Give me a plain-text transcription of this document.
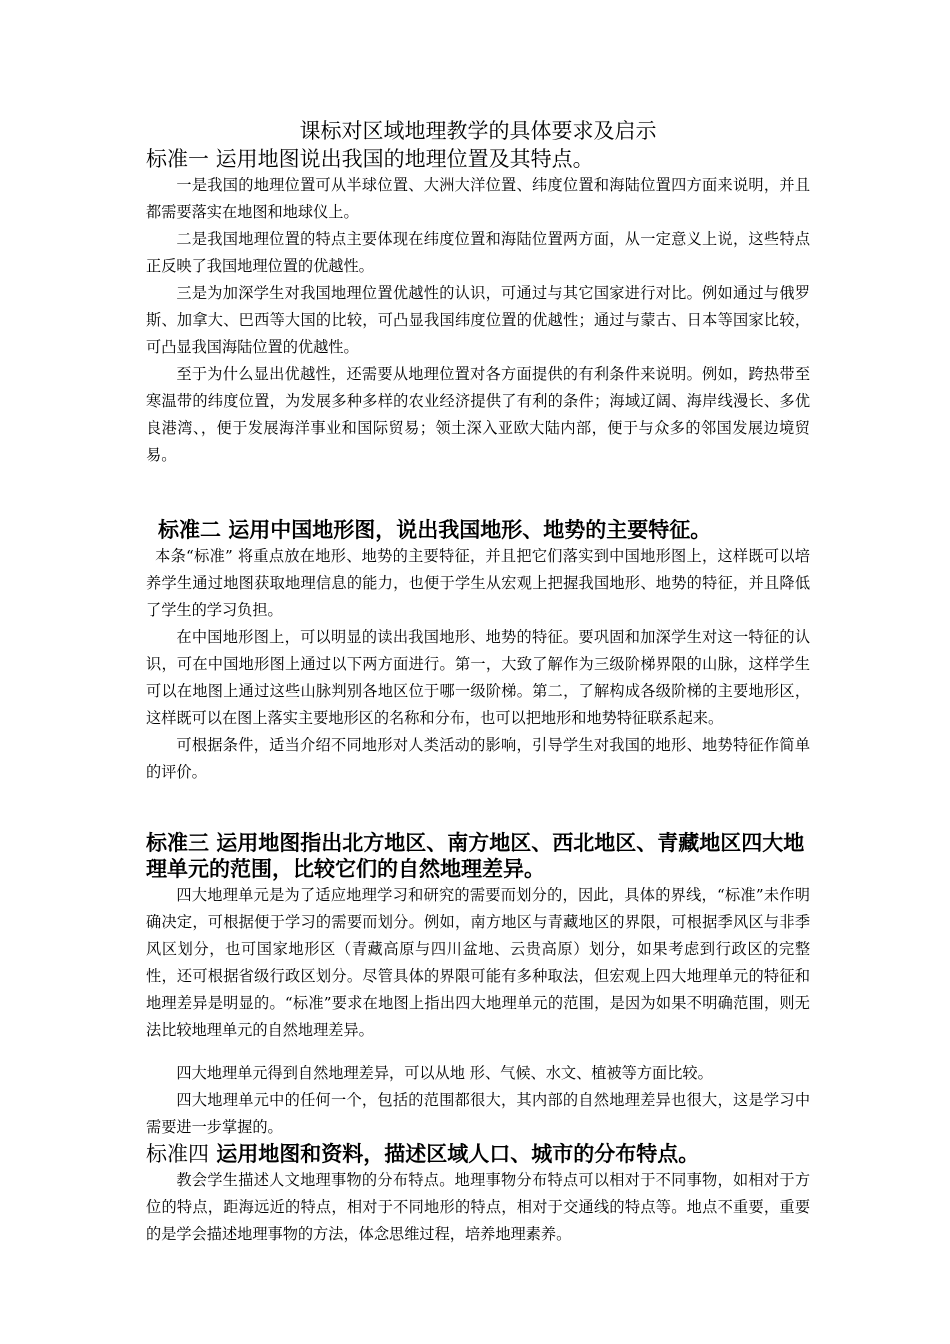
课标对区域地理教学的具体要求及启示
标准一 运用地图说出我国的地理位置及其特点。

一是我国的地理位置可从半球位置、大洲大洋位置、纬度位置和海陆位置四方面来说明，并且都需要落实在地图和地球仪上。

二是我国地理位置的特点主要体现在纬度位置和海陆位置两方面，从一定意义上说，这些特点正反映了我国地理位置的优越性。

三是为加深学生对我国地理位置优越性的认识，可通过与其它国家进行对比。例如通过与俄罗斯、加拿大、巴西等大国的比较，可凸显我国纬度位置的优越性；通过与蒙古、日本等国家比较，可凸显我国海陆位置的优越性。

至于为什么显出优越性，还需要从地理位置对各方面提供的有利条件来说明。例如，跨热带至寒温带的纬度位置，为发展多种多样的农业经济提供了有利的条件；海域辽阔、海岸线漫长、多优良港湾、，便于发展海洋事业和国际贸易；领土深入亚欧大陆内部，便于与众多的邻国发展边境贸易。

标准二 运用中国地形图，说出我国地形、地势的主要特征。

本条“标准” 将重点放在地形、地势的主要特征，并且把它们落实到中国地形图上，这样既可以培养学生通过地图获取地理信息的能力，也便于学生从宏观上把握我国地形、地势的特征，并且降低了学生的学习负担。

在中国地形图上，可以明显的读出我国地形、地势的特征。要巩固和加深学生对这一特征的认识，可在中国地形图上通过以下两方面进行。第一，大致了解作为三级阶梯界限的山脉，这样学生可以在地图上通过这些山脉判别各地区位于哪一级阶梯。第二，了解构成各级阶梯的主要地形区，这样既可以在图上落实主要地形区的名称和分布，也可以把地形和地势特征联系起来。

可根据条件，适当介绍不同地形对人类活动的影响，引导学生对我国的地形、地势特征作简单的评价。

标准三 运用地图指出北方地区、南方地区、西北地区、青藏地区四大地理单元的范围，比较它们的自然地理差异。

四大地理单元是为了适应地理学习和研究的需要而划分的，因此，具体的界线，“标准”未作明确决定，可根据便于学习的需要而划分。例如，南方地区与青藏地区的界限，可根据季风区与非季风区划分，也可国家地形区（青藏高原与四川盆地、云贵高原）划分，如果考虑到行政区的完整性，还可根据省级行政区划分。尽管具体的界限可能有多种取法，但宏观上四大地理单元的特征和地理差异是明显的。“标准”要求在地图上指出四大地理单元的范围，是因为如果不明确范围，则无法比较地理单元的自然地理差异。

四大地理单元得到自然地理差异，可以从地 形、气候、水文、植被等方面比较。

四大地理单元中的任何一个，包括的范围都很大，其内部的自然地理差异也很大，这是学习中需要进一步掌握的。

标准四 运用地图和资料，描述区域人口、城市的分布特点。

教会学生描述人文地理事物的分布特点。地理事物分布特点可以相对于不同事物，如相对于方位的特点，距海远近的特点，相对于不同地形的特点，相对于交通线的特点等。地点不重要，重要的是学会描述地理事物的方法，体念思维过程，培养地理素养。
